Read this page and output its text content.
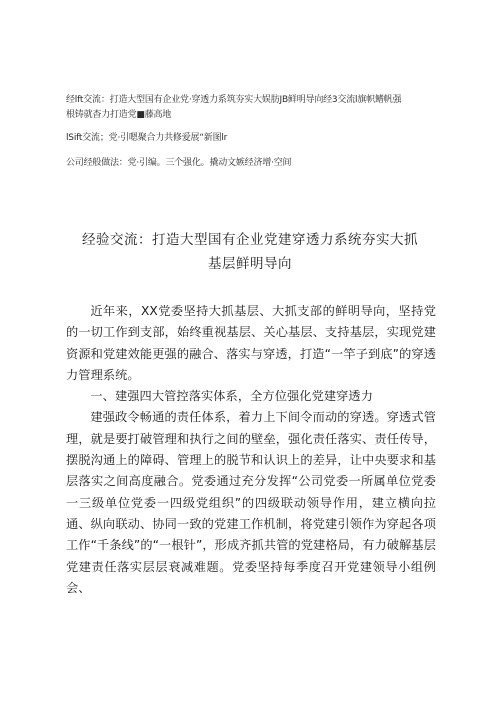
经lft交流：打造大型国有企业党·穿透力系筑夯实大娱肪JB鲜明导向经3交流l旗帜鳍帆强
根铸就杳力打造党■藤高地
lSift交流；党·引嗯聚合力共修爱展“新图lr
公司经般做法：党·引编。三个强化。撬动文嫉经济增·空间
经验交流：打造大型国有企业党建穿透力系统夯实大抓
基层鲜明导向

近年来，XX党委坚持大抓基层、大抓支部的鲜明导向，坚持党的一切工作到支部，始终重视基层、关心基层、支持基层，实现党建资源和党建效能更强的融合、落实与穿透，打造“一竿子到底”的穿透力管理系统。

一、建强四大管控落实体系，全方位强化党建穿透力

建强政令畅通的责任体系，着力上下间令而动的穿透。穿透式管理，就是要打破管理和执行之间的壁垒，强化责任落实、责任传导，摆脱沟通上的障碍、管理上的脱节和认识上的差异，让中央要求和基层落实之间高度融合。党委通过充分发挥“公司党委一所属单位党委一三级单位党委一四级党组织”的四级联动领导作用，建立横向拉通、纵向联动、协同一致的党建工作机制，将党建引领作为穿起各项工作“千条线”的“一根针”，形成齐抓共管的党建格局，有力破解基层党建责任落实层层衰减难题。党委坚持每季度召开党建领导小组例会、
